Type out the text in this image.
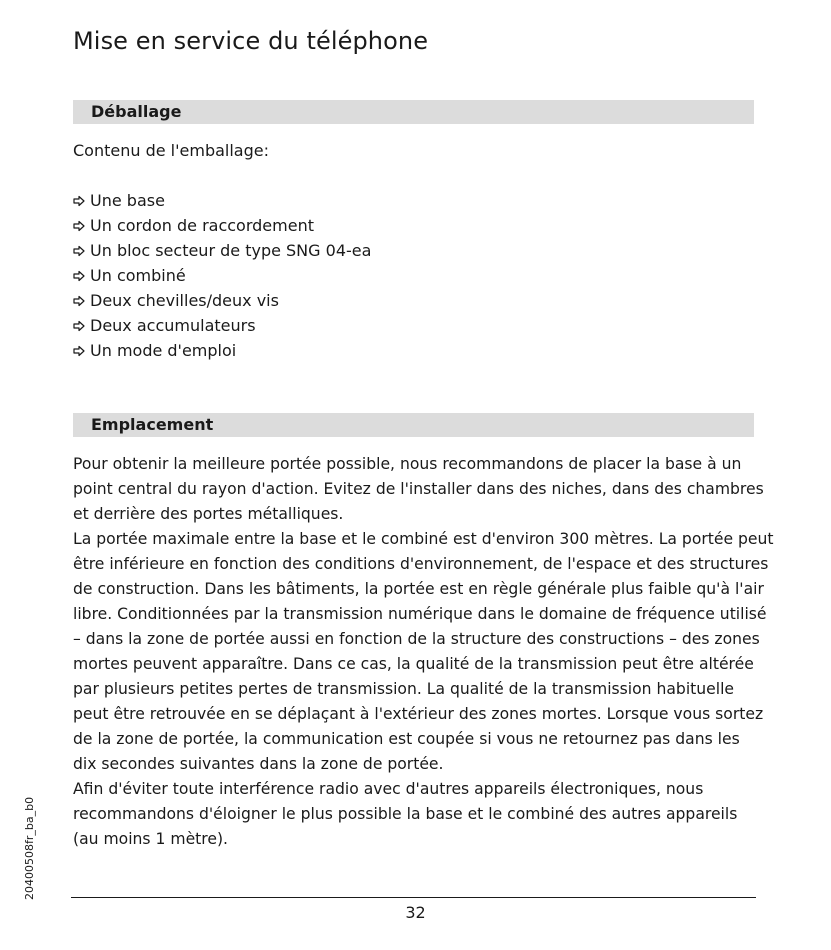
Mise en service du téléphone
Déballage

Contenu de l'emballage:

Une base
Un cordon de raccordement
Un bloc secteur de type SNG 04-ea
Un combiné
Deux chevilles/deux vis
Deux accumulateurs
Un mode d'emploi
Emplacement
Pour obtenir la meilleure portée possible, nous recommandons de placer la base à un
point central du rayon d'action. Evitez de l'installer dans des niches, dans des chambres
et derrière des portes métalliques.
La portée maximale entre la base et le combiné est d'environ 300 mètres. La portée peut
être inférieure en fonction des conditions d'environnement, de l'espace et des structures
de construction. Dans les bâtiments, la portée est en règle générale plus faible qu'à l'air
libre. Conditionnées par la transmission numérique dans le domaine de fréquence utilisé
– dans la zone de portée aussi en fonction de la structure des constructions – des zones
mortes peuvent apparaître. Dans ce cas, la qualité de la transmission peut être altérée
par plusieurs petites pertes de transmission. La qualité de la transmission habituelle
peut être retrouvée en se déplaçant à l'extérieur des zones mortes. Lorsque vous sortez
de la zone de portée, la communication est coupée si vous ne retournez pas dans les
dix secondes suivantes dans la zone de portée.
Afin d'éviter toute interférence radio avec d'autres appareils électroniques, nous
recommandons d'éloigner le plus possible la base et le combiné des autres appareils
(au moins 1 mètre).
20400508fr_ba_b0
32
